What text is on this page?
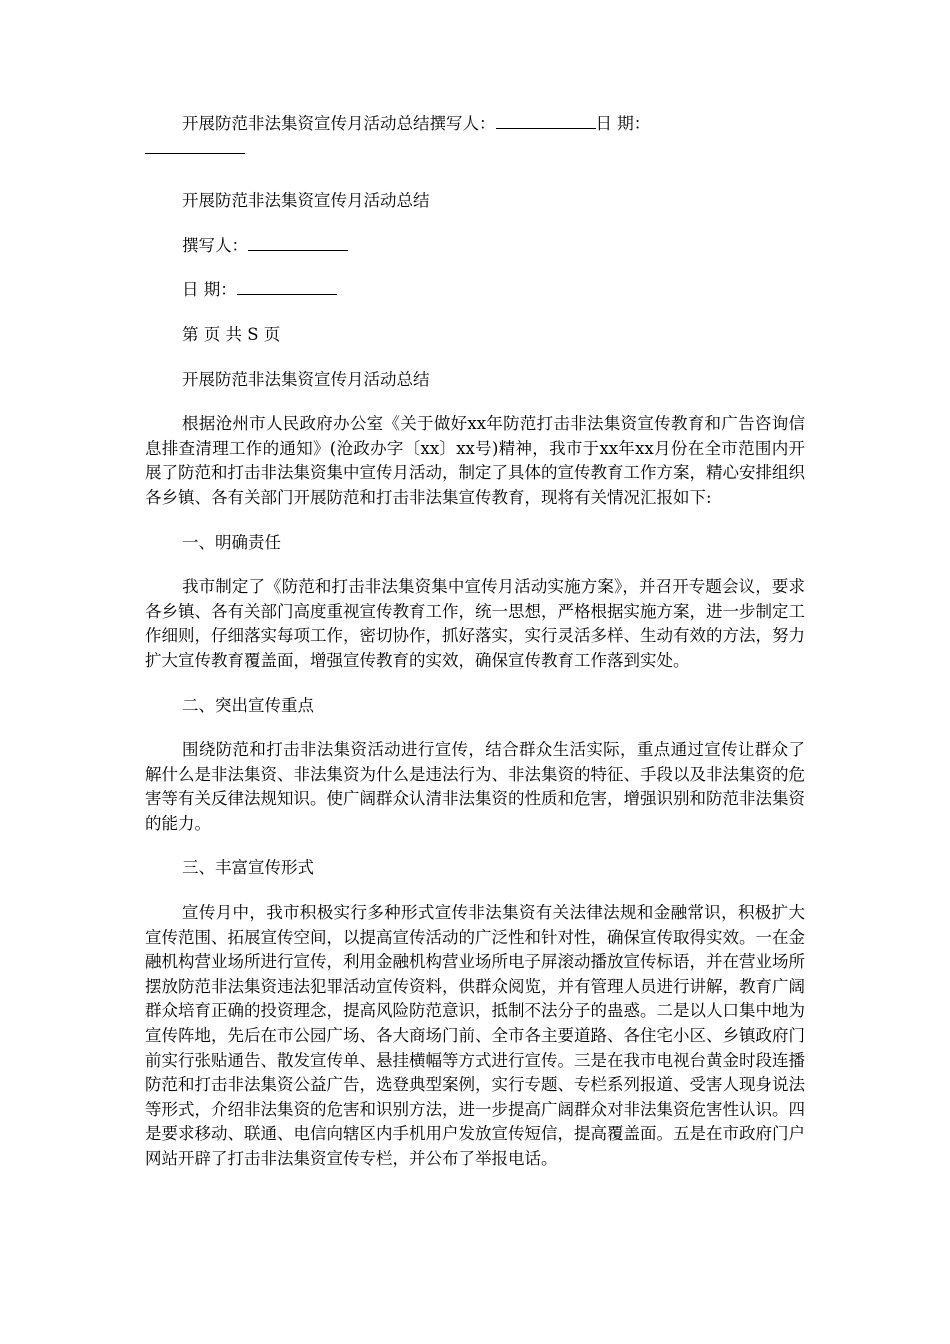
开展防范非法集资宣传月活动总结撰写人：	日 期：

开展防范非法集资宣传月活动总结

撰写人：

日 期：

第 页 共 S 页

开展防范非法集资宣传月活动总结

根据沧州市人民政府办公室《关于做好xx年防范打击非法集资宣传教育和广告咨询信息排查清理工作的通知》(沧政办字〔xx〕xx号)精神，我市于xx年xx月份在全市范围内开展了防范和打击非法集资集中宣传月活动，制定了具体的宣传教育工作方案，精心安排组织各乡镇、各有关部门开展防范和打击非法集宣传教育，现将有关情况汇报如下:

一、明确责任

我市制定了《防范和打击非法集资集中宣传月活动实施方案》，并召开专题会议，要求各乡镇、各有关部门高度重视宣传教育工作，统一思想，严格根据实施方案，进一步制定工作细则，仔细落实每项工作，密切协作，抓好落实，实行灵活多样、生动有效的方法，努力扩大宣传教育覆盖面，增强宣传教育的实效，确保宣传教育工作落到实处。

二、突出宣传重点

围绕防范和打击非法集资活动进行宣传，结合群众生活实际，重点通过宣传让群众了解什么是非法集资、非法集资为什么是违法行为、非法集资的特征、手段以及非法集资的危害等有关反律法规知识。使广阔群众认清非法集资的性质和危害，增强识别和防范非法集资的能力。

三、丰富宣传形式

宣传月中，我市积极实行多种形式宣传非法集资有关法律法规和金融常识，积极扩大宣传范围、拓展宣传空间，以提高宣传活动的广泛性和针对性，确保宣传取得实效。一在金融机构营业场所进行宣传，利用金融机构营业场所电子屏滚动播放宣传标语，并在营业场所摆放防范非法集资违法犯罪活动宣传资料，供群众阅览，并有管理人员进行讲解，教育广阔群众培育正确的投资理念，提高风险防范意识，抵制不法分子的蛊惑。二是以人口集中地为宣传阵地，先后在市公园广场、各大商场门前、全市各主要道路、各住宅小区、乡镇政府门前实行张贴通告、散发宣传单、悬挂横幅等方式进行宣传。三是在我市电视台黄金时段连播防范和打击非法集资公益广告，选登典型案例，实行专题、专栏系列报道、受害人现身说法等形式，介绍非法集资的危害和识别方法，进一步提高广阔群众对非法集资危害性认识。四是要求移动、联通、电信向辖区内手机用户发放宣传短信，提高覆盖面。五是在市政府门户网站开辟了打击非法集资宣传专栏，并公布了举报电话。
